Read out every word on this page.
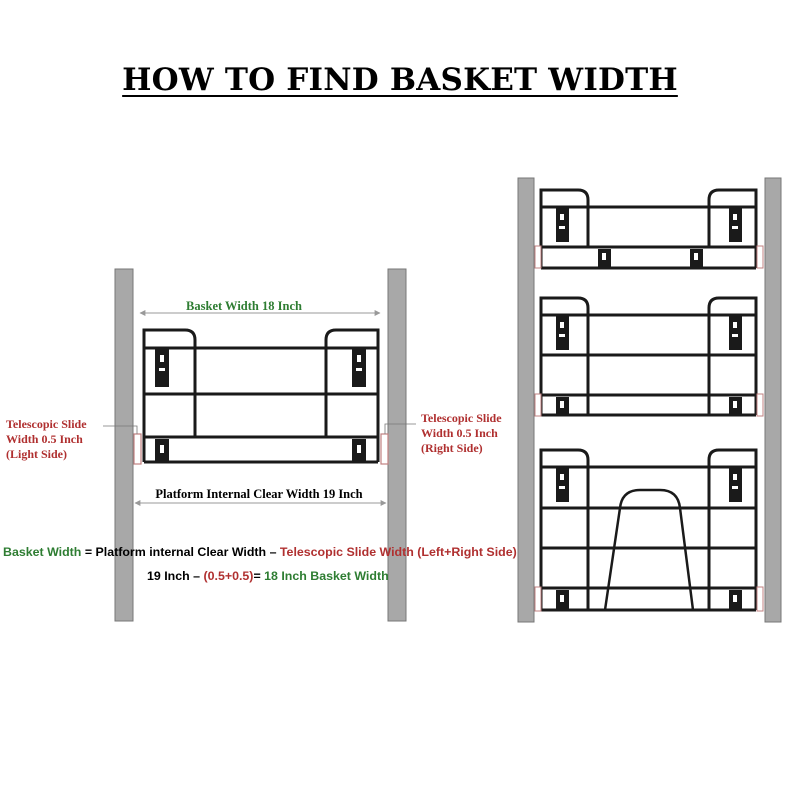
HOW TO FIND BASKET WIDTH
Basket Width 18 Inch
Telescopic Slide
Width 0.5 Inch
(Light Side)
Telescopic Slide
Width 0.5 Inch
(Right Side)
Platform Internal Clear Width 19 Inch
Basket Width = Platform internal Clear Width – Telescopic Slide Width (Left+Right Side)
19 Inch – (0.5+0.5)= 18 Inch Basket Width
